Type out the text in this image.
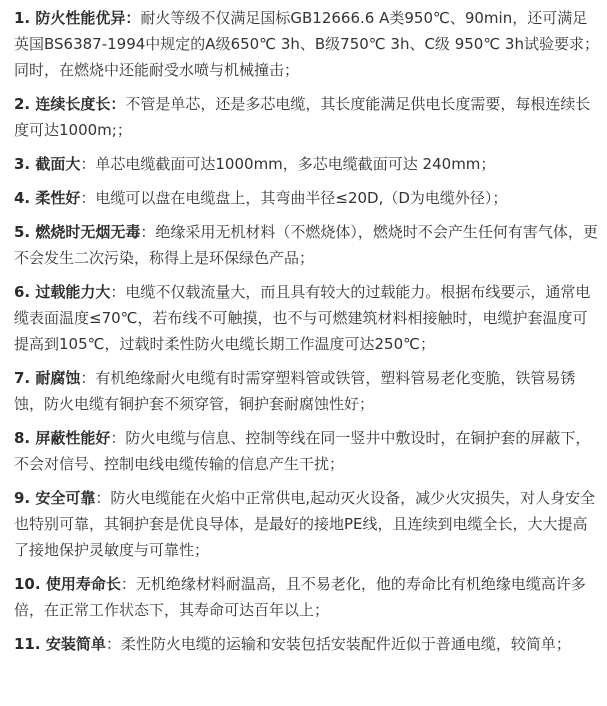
1. 防火性能优异：耐火等级不仅满足国标GB12666.6 A类950℃、90min，还可满足英国BS6387-1994中规定的A级650℃ 3h、B级750℃ 3h、C级 950℃ 3h试验要求；同时，在燃烧中还能耐受水喷与机械撞击；

2. 连续长度长：不管是单芯，还是多芯电缆，其长度能满足供电长度需要，每根连续长度可达1000m;；

3. 截面大：单芯电缆截面可达1000mm，多芯电缆截面可达 240mm；

4. 柔性好：电缆可以盘在电缆盘上，其弯曲半径≤20D,（D为电缆外径）；

5. 燃烧时无烟无毒：绝缘采用无机材料（不燃烧体），燃烧时不会产生任何有害气体，更不会发生二次污染，称得上是环保绿色产品；

6. 过载能力大：电缆不仅载流量大，而且具有较大的过载能力。根据布线要示，通常电缆表面温度≤70℃，若布线不可触摸，也不与可燃建筑材料相接触时，电缆护套温度可提高到105℃，过载时柔性防火电缆长期工作温度可达250℃；

7. 耐腐蚀：有机绝缘耐火电缆有时需穿塑料管或铁管，塑料管易老化变脆，铁管易锈蚀，防火电缆有铜护套不须穿管，铜护套耐腐蚀性好；

8. 屏蔽性能好：防火电缆与信息、控制等线在同一竖井中敷设时，在铜护套的屏蔽下，不会对信号、控制电线电缆传输的信息产生干扰；

9. 安全可靠：防火电缆能在火焰中正常供电,起动灭火设备，减少火灾损失，对人身安全也特别可靠，其铜护套是优良导体，是最好的接地PE线，且连续到电缆全长，大大提高了接地保护灵敏度与可靠性；

10. 使用寿命长：无机绝缘材料耐温高，且不易老化，他的寿命比有机绝缘电缆高许多倍，在正常工作状态下，其寿命可达百年以上；

11. 安装简单：柔性防火电缆的运输和安装包括安装配件近似于普通电缆，较简单；
